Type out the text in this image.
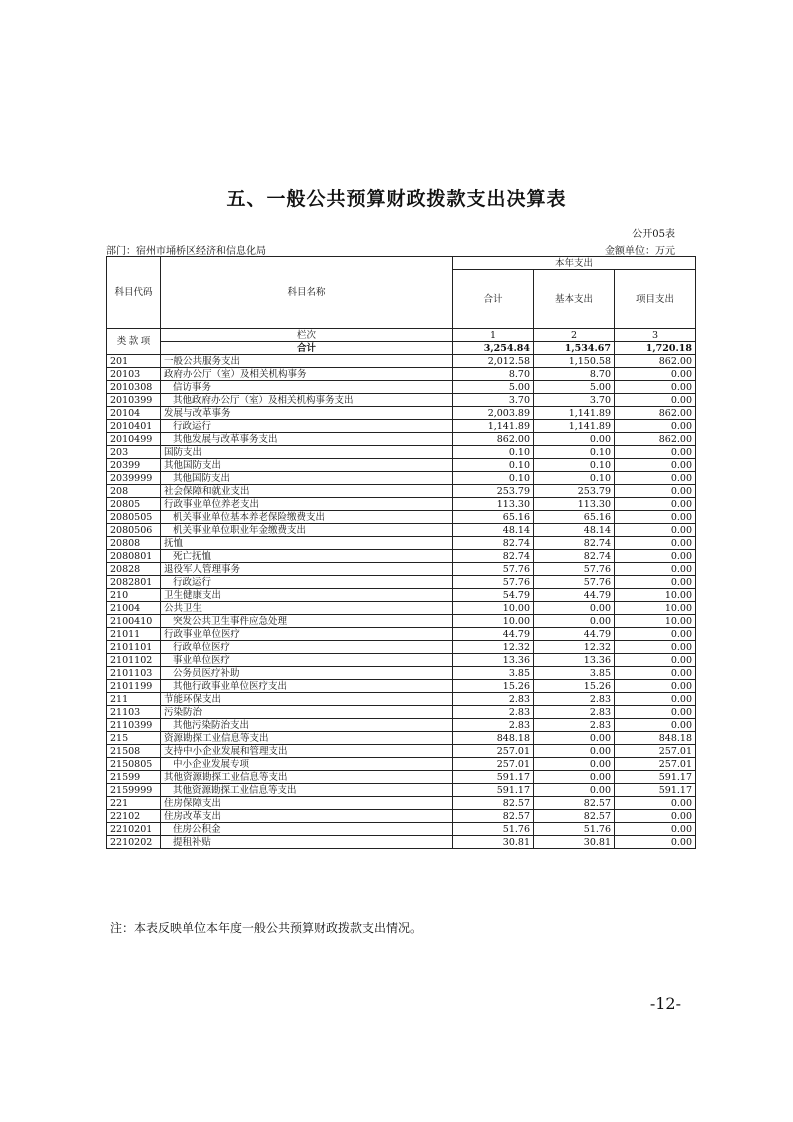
五、一般公共预算财政拨款支出决算表
公开05表
部门：宿州市埇桥区经济和信息化局	金额单位：万元
科目代码	科目名称	本年支出		
		合计	基本支出	项目支出

类 款 项	栏次	1	2	3
	合计	3,254.84	1,534.67	1,720.18
201	一般公共服务支出	2,012.58	1,150.58	862.00
20103	政府办公厅（室）及相关机构事务	8.70	8.70	0.00
2010308	信访事务	5.00	5.00	0.00
2010399	其他政府办公厅（室）及相关机构事务支出	3.70	3.70	0.00
20104	发展与改革事务	2,003.89	1,141.89	862.00
2010401	行政运行	1,141.89	1,141.89	0.00
2010499	其他发展与改革事务支出	862.00	0.00	862.00
203	国防支出	0.10	0.10	0.00
20399	其他国防支出	0.10	0.10	0.00
2039999	其他国防支出	0.10	0.10	0.00
208	社会保障和就业支出	253.79	253.79	0.00
20805	行政事业单位养老支出	113.30	113.30	0.00
2080505	机关事业单位基本养老保险缴费支出	65.16	65.16	0.00
2080506	机关事业单位职业年金缴费支出	48.14	48.14	0.00
20808	抚恤	82.74	82.74	0.00
2080801	死亡抚恤	82.74	82.74	0.00
20828	退役军人管理事务	57.76	57.76	0.00
2082801	行政运行	57.76	57.76	0.00
210	卫生健康支出	54.79	44.79	10.00
21004	公共卫生	10.00	0.00	10.00
2100410	突发公共卫生事件应急处理	10.00	0.00	10.00
21011	行政事业单位医疗	44.79	44.79	0.00
2101101	行政单位医疗	12.32	12.32	0.00
2101102	事业单位医疗	13.36	13.36	0.00
2101103	公务员医疗补助	3.85	3.85	0.00
2101199	其他行政事业单位医疗支出	15.26	15.26	0.00
211	节能环保支出	2.83	2.83	0.00
21103	污染防治	2.83	2.83	0.00
2110399	其他污染防治支出	2.83	2.83	0.00
215	资源勘探工业信息等支出	848.18	0.00	848.18
21508	支持中小企业发展和管理支出	257.01	0.00	257.01
2150805	中小企业发展专项	257.01	0.00	257.01
21599	其他资源勘探工业信息等支出	591.17	0.00	591.17
2159999	其他资源勘探工业信息等支出	591.17	0.00	591.17
221	住房保障支出	82.57	82.57	0.00
22102	住房改革支出	82.57	82.57	0.00
2210201	住房公积金	51.76	51.76	0.00
2210202	提租补贴	30.81	30.81	0.00
注：本表反映单位本年度一般公共预算财政拨款支出情况。
-12-
